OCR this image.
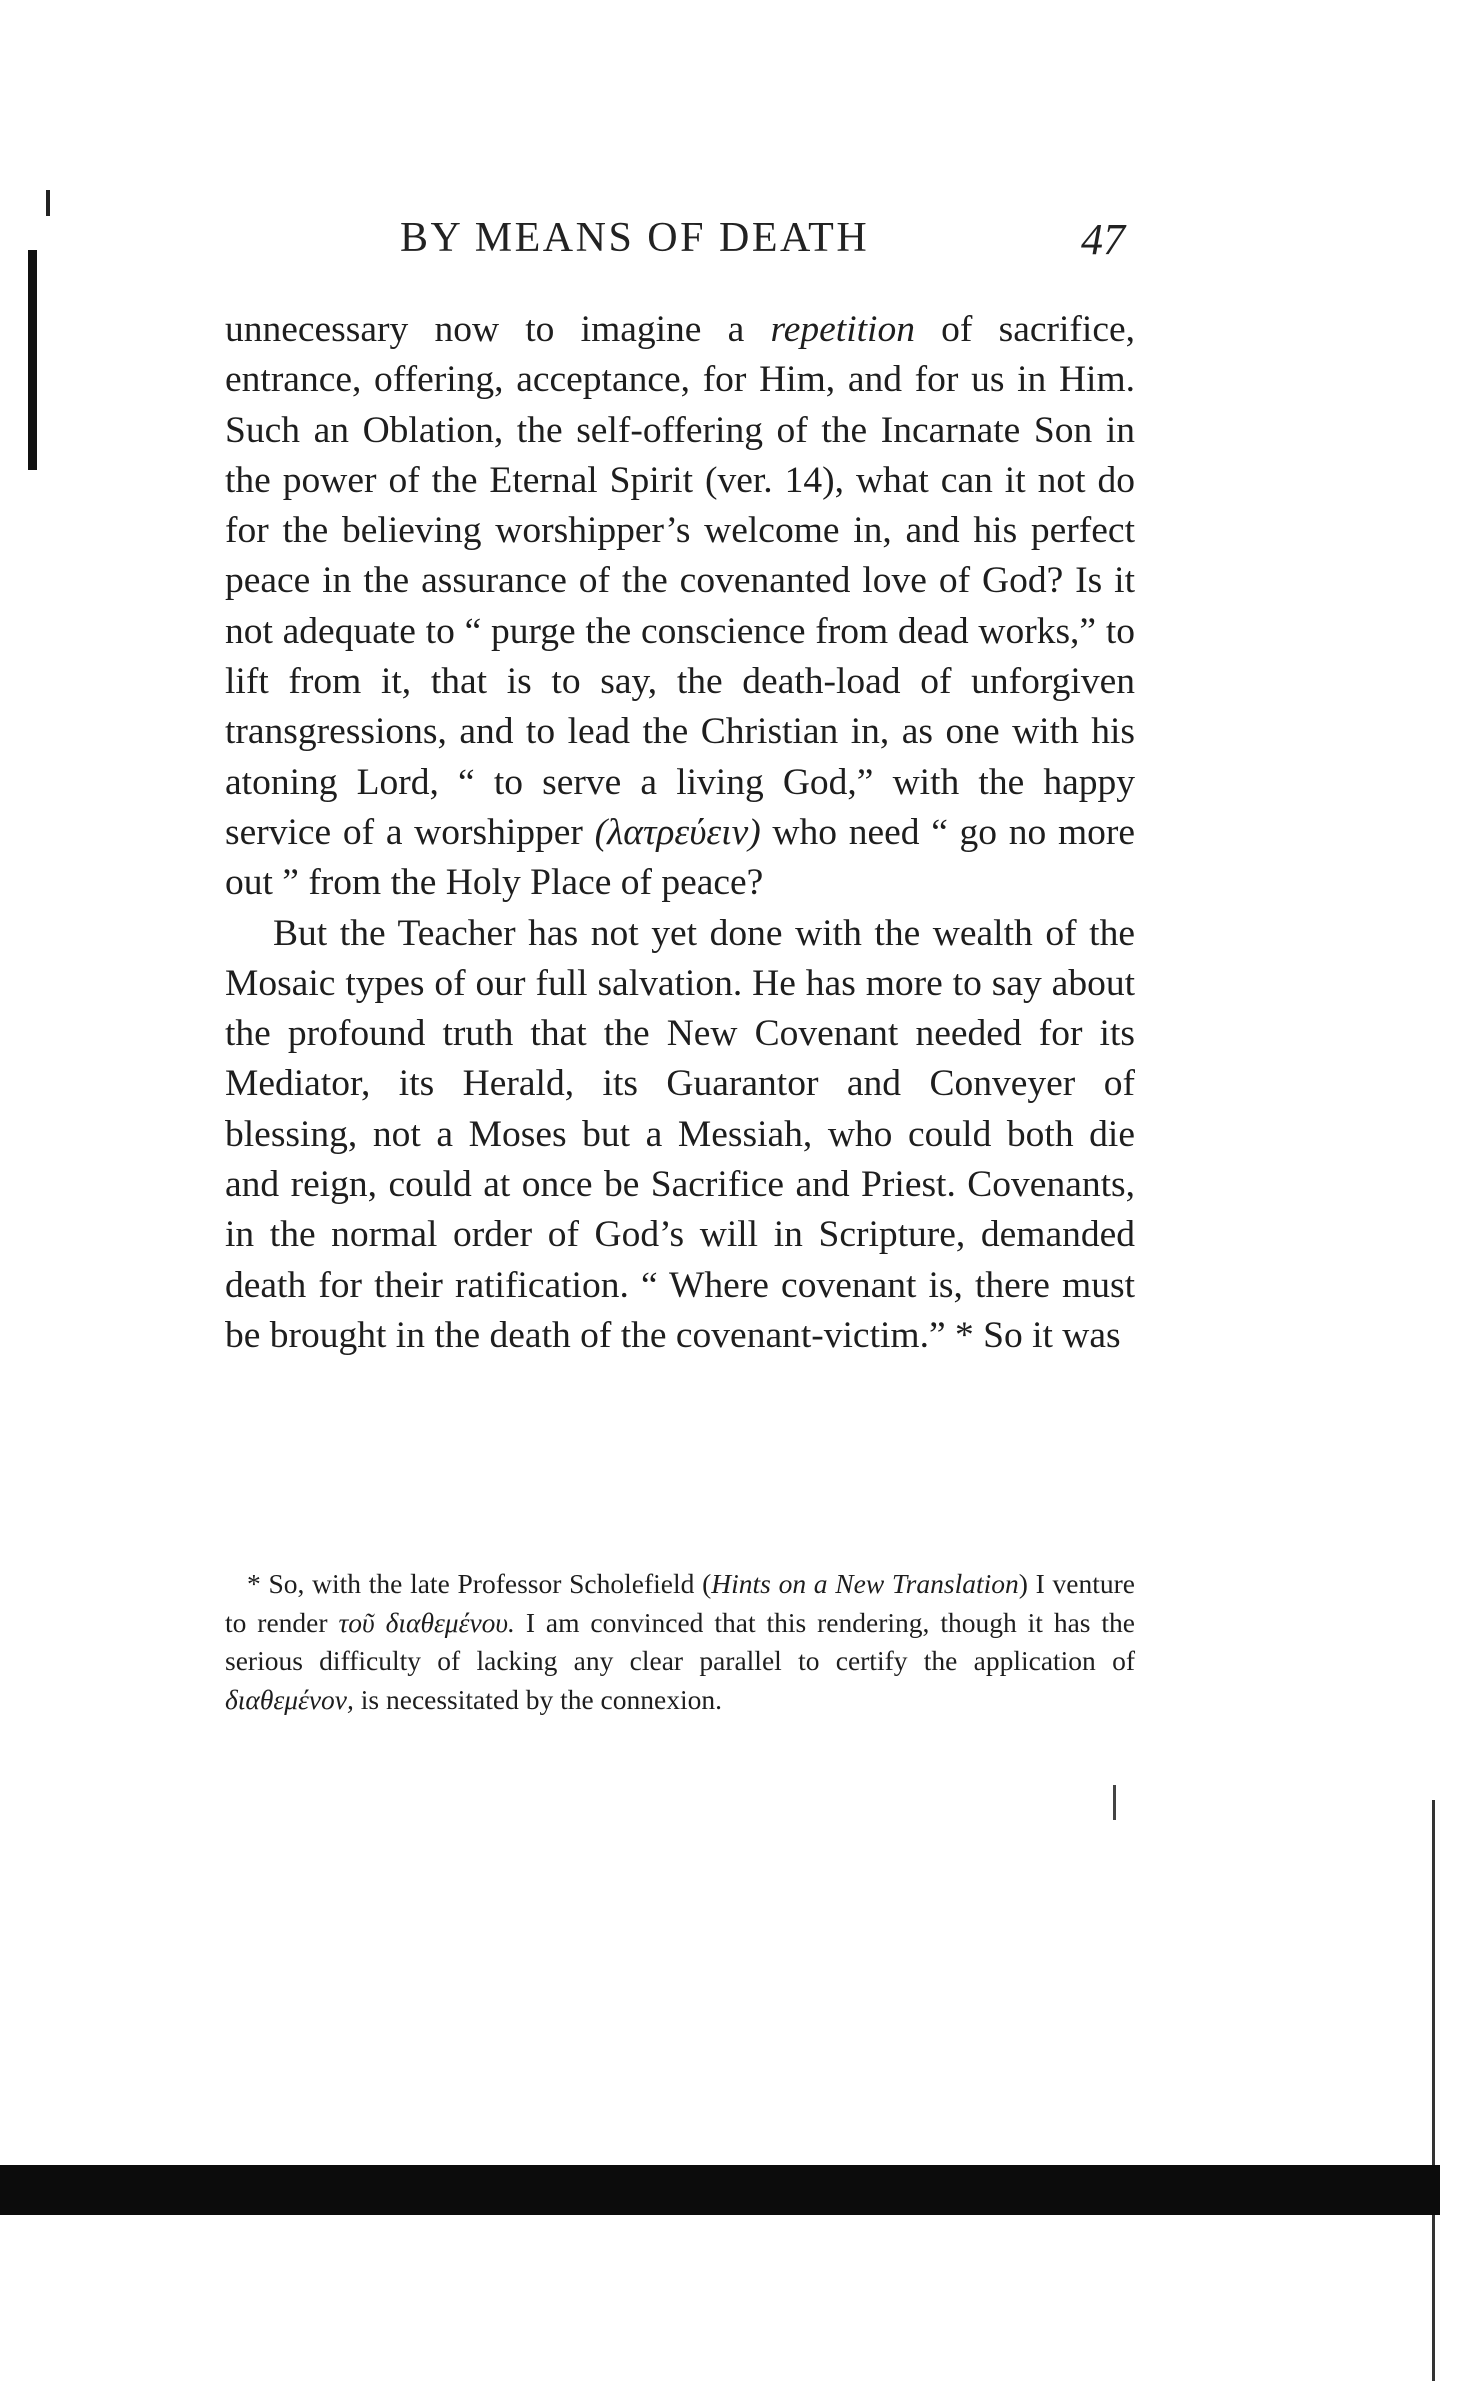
BY MEANS OF DEATH	47

unnecessary now to imagine a repetition of sacrifice, entrance, offering, acceptance, for Him, and for us in Him. Such an Oblation, the self-offering of the Incarnate Son in the power of the Eternal Spirit (ver. 14), what can it not do for the believing worshipper’s welcome in, and his perfect peace in the assurance of the covenanted love of God? Is it not adequate to “ purge the conscience from dead works,” to lift from it, that is to say, the death-load of unforgiven transgressions, and to lead the Christian in, as one with his atoning Lord, “ to serve a living God,” with the happy service of a worshipper (λατρεύειν) who need “ go no more out ” from the Holy Place of peace?

But the Teacher has not yet done with the wealth of the Mosaic types of our full salvation. He has more to say about the profound truth that the New Covenant needed for its Mediator, its Herald, its Guarantor and Conveyer of blessing, not a Moses but a Messiah, who could both die and reign, could at once be Sacrifice and Priest. Covenants, in the normal order of God’s will in Scripture, demanded death for their ratification. “ Where covenant is, there must be brought in the death of the covenant-victim.” * So it was

* So, with the late Professor Scholefield (Hints on a New Translation) I venture to render τοῦ διαθεμένου. I am convinced that this rendering, though it has the serious difficulty of lacking any clear parallel to certify the application of διαθεμένον, is necessitated by the connexion.
